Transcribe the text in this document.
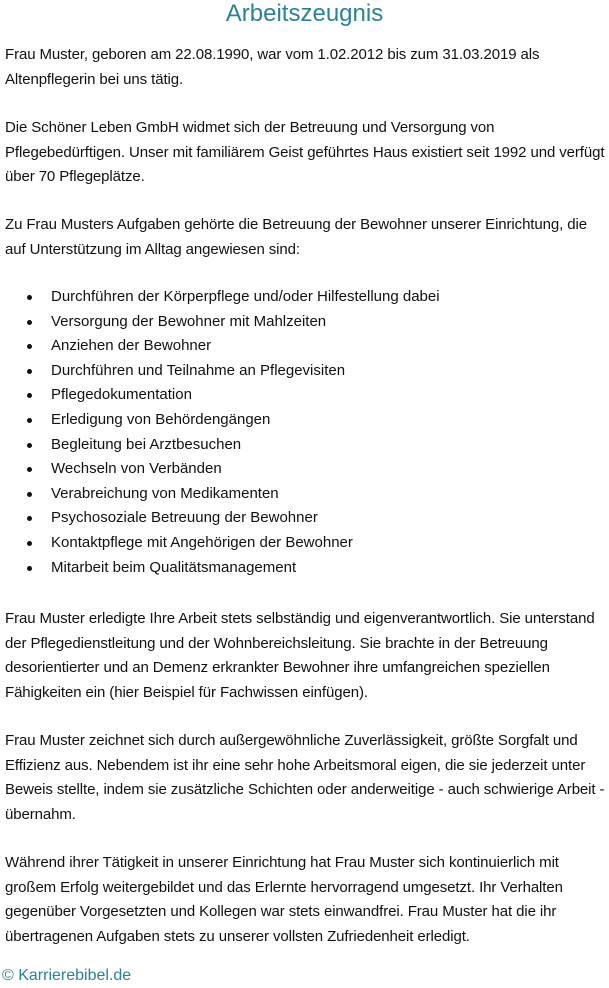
Arbeitszeugnis

Frau Muster, geboren am 22.08.1990, war vom 1.02.2012 bis zum 31.03.2019 als Altenpflegerin bei uns tätig.

Die Schöner Leben GmbH widmet sich der Betreuung und Versorgung von Pflegebedürftigen. Unser mit familiärem Geist geführtes Haus existiert seit 1992 und verfügt über 70 Pflegeplätze.

Zu Frau Musters Aufgaben gehörte die Betreuung der Bewohner unserer Einrichtung, die auf Unterstützung im Alltag angewiesen sind:

Durchführen der Körperpflege und/oder Hilfestellung dabei
Versorgung der Bewohner mit Mahlzeiten
Anziehen der Bewohner
Durchführen und Teilnahme an Pflegevisiten
Pflegedokumentation
Erledigung von Behördengängen
Begleitung bei Arztbesuchen
Wechseln von Verbänden
Verabreichung von Medikamenten
Psychosoziale Betreuung der Bewohner
Kontaktpflege mit Angehörigen der Bewohner
Mitarbeit beim Qualitätsmanagement

Frau Muster erledigte Ihre Arbeit stets selbständig und eigenverantwortlich. Sie unterstand der Pflegedienstleitung und der Wohnbereichsleitung. Sie brachte in der Betreuung desorientierter und an Demenz erkrankter Bewohner ihre umfangreichen speziellen Fähigkeiten ein (hier Beispiel für Fachwissen einfügen).

Frau Muster zeichnet sich durch außergewöhnliche Zuverlässigkeit, größte Sorgfalt und Effizienz aus. Nebendem ist ihr eine sehr hohe Arbeitsmoral eigen, die sie jederzeit unter Beweis stellte, indem sie zusätzliche Schichten oder anderweitige - auch schwierige Arbeit - übernahm.

Während ihrer Tätigkeit in unserer Einrichtung hat Frau Muster sich kontinuierlich mit großem Erfolg weitergebildet und das Erlernte hervorragend umgesetzt. Ihr Verhalten gegenüber Vorgesetzten und Kollegen war stets einwandfrei. Frau Muster hat die ihr übertragenen Aufgaben stets zu unserer vollsten Zufriedenheit erledigt.

© Karrierebibel.de
